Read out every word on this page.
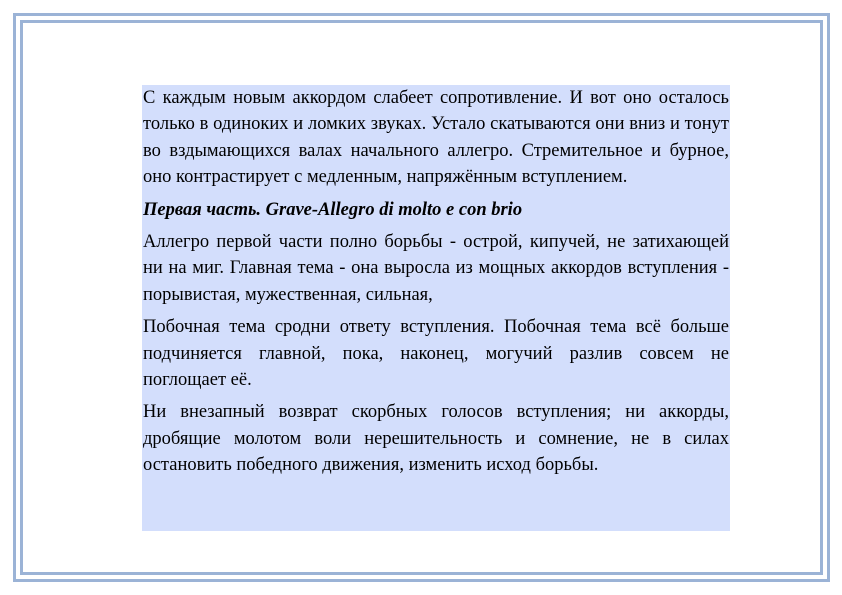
С каждым новым аккордом слабеет сопротивление. И вот оно осталось только в одиноких и ломких звуках. Устало скатываются они вниз и тонут во вздымающихся валах начального аллегро. Стремительное и бурное, оно контрастирует с медленным, напряжённым вступлением.

Первая часть. Grave-Allegro di molto e con brio

Аллегро первой части полно борьбы - острой, кипучей, не затихающей ни на миг. Главная тема - она выросла из мощных аккордов вступления - порывистая, мужественная, сильная,

Побочная тема сродни ответу вступления. Побочная тема всё больше подчиняется главной, пока, наконец, могучий разлив совсем не поглощает её.

Ни внезапный возврат скорбных голосов вступления; ни аккорды, дробящие молотом воли нерешительность и сомнение, не в силах остановить победного движения, изменить исход борьбы.
